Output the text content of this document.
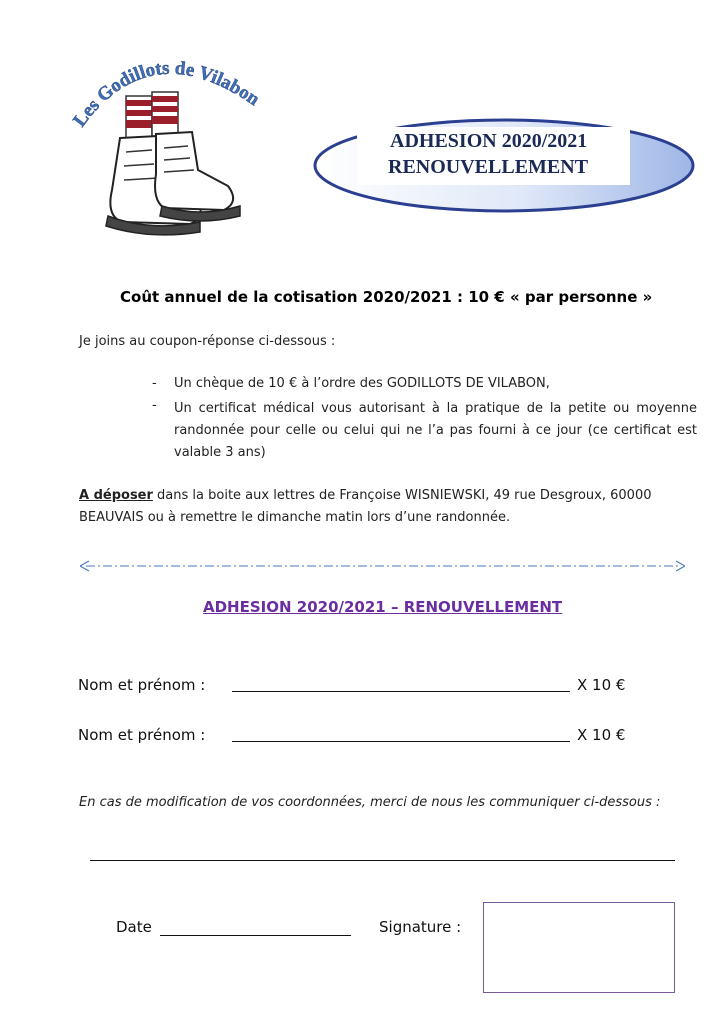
Les Godillots de Vilabon
ADHESION 2020/2021
RENOUVELLEMENT
Coût annuel de la cotisation 2020/2021 : 10 € « par personne »
Je joins au coupon-réponse ci-dessous :
- Un chèque de 10 € à l’ordre des GODILLOTS DE VILABON,
- Un certificat médical vous autorisant à la pratique de la petite ou moyenne randonnée pour celle ou celui qui ne l’a pas fourni à ce jour (ce certificat est valable 3 ans)
A déposer dans la boite aux lettres de Françoise WISNIEWSKI, 49 rue Desgroux, 60000 BEAUVAIS ou à remettre le dimanche matin lors d’une randonnée.
ADHESION 2020/2021 – RENOUVELLEMENT
Nom et prénom :	X 10 €
Nom et prénom :	X 10 €
En cas de modification de vos coordonnées, merci de nous les communiquer ci-dessous :
Date	Signature :
